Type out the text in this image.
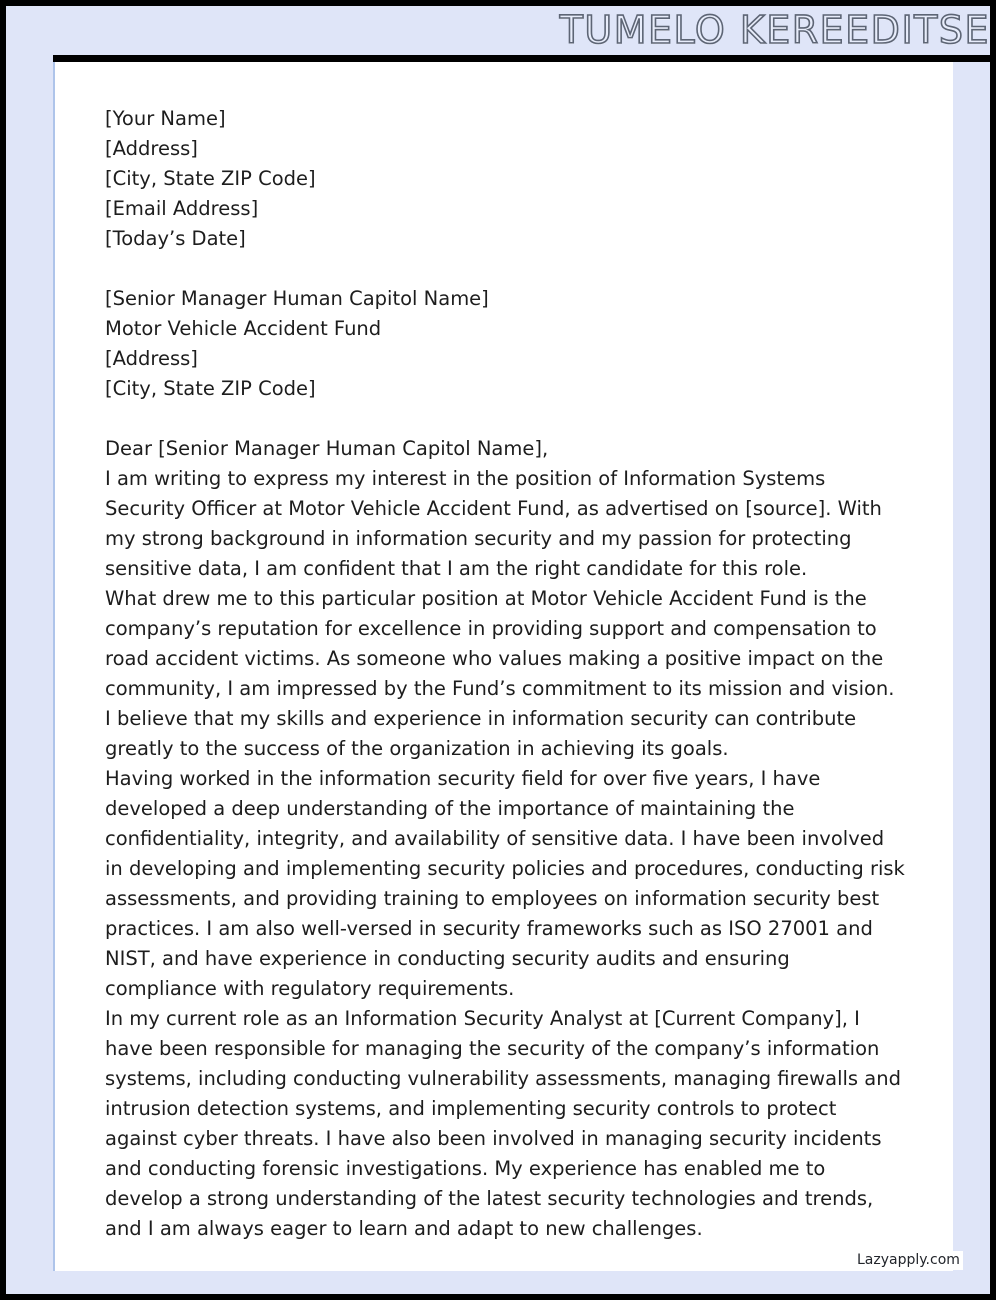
TUMELO KEREEDITSE
[Your Name]
[Address]
[City, State ZIP Code]
[Email Address]
[Today’s Date]
[Senior Manager Human Capitol Name]
Motor Vehicle Accident Fund
[Address]
[City, State ZIP Code]

Dear [Senior Manager Human Capitol Name],

I am writing to express my interest in the position of Information Systems Security Officer at Motor Vehicle Accident Fund, as advertised on [source]. With my strong background in information security and my passion for protecting sensitive data, I am confident that I am the right candidate for this role.

What drew me to this particular position at Motor Vehicle Accident Fund is the company’s reputation for excellence in providing support and compensation to road accident victims. As someone who values making a positive impact on the community, I am impressed by the Fund’s commitment to its mission and vision. I believe that my skills and experience in information security can contribute greatly to the success of the organization in achieving its goals.

Having worked in the information security field for over five years, I have developed a deep understanding of the importance of maintaining the confidentiality, integrity, and availability of sensitive data. I have been involved in developing and implementing security policies and procedures, conducting risk assessments, and providing training to employees on information security best practices. I am also well-versed in security frameworks such as ISO 27001 and NIST, and have experience in conducting security audits and ensuring compliance with regulatory requirements.

In my current role as an Information Security Analyst at [Current Company], I have been responsible for managing the security of the company’s information systems, including conducting vulnerability assessments, managing firewalls and intrusion detection systems, and implementing security controls to protect against cyber threats. I have also been involved in managing security incidents and conducting forensic investigations. My experience has enabled me to develop a strong understanding of the latest security technologies and trends, and I am always eager to learn and adapt to new challenges.

Lazyapply.com
